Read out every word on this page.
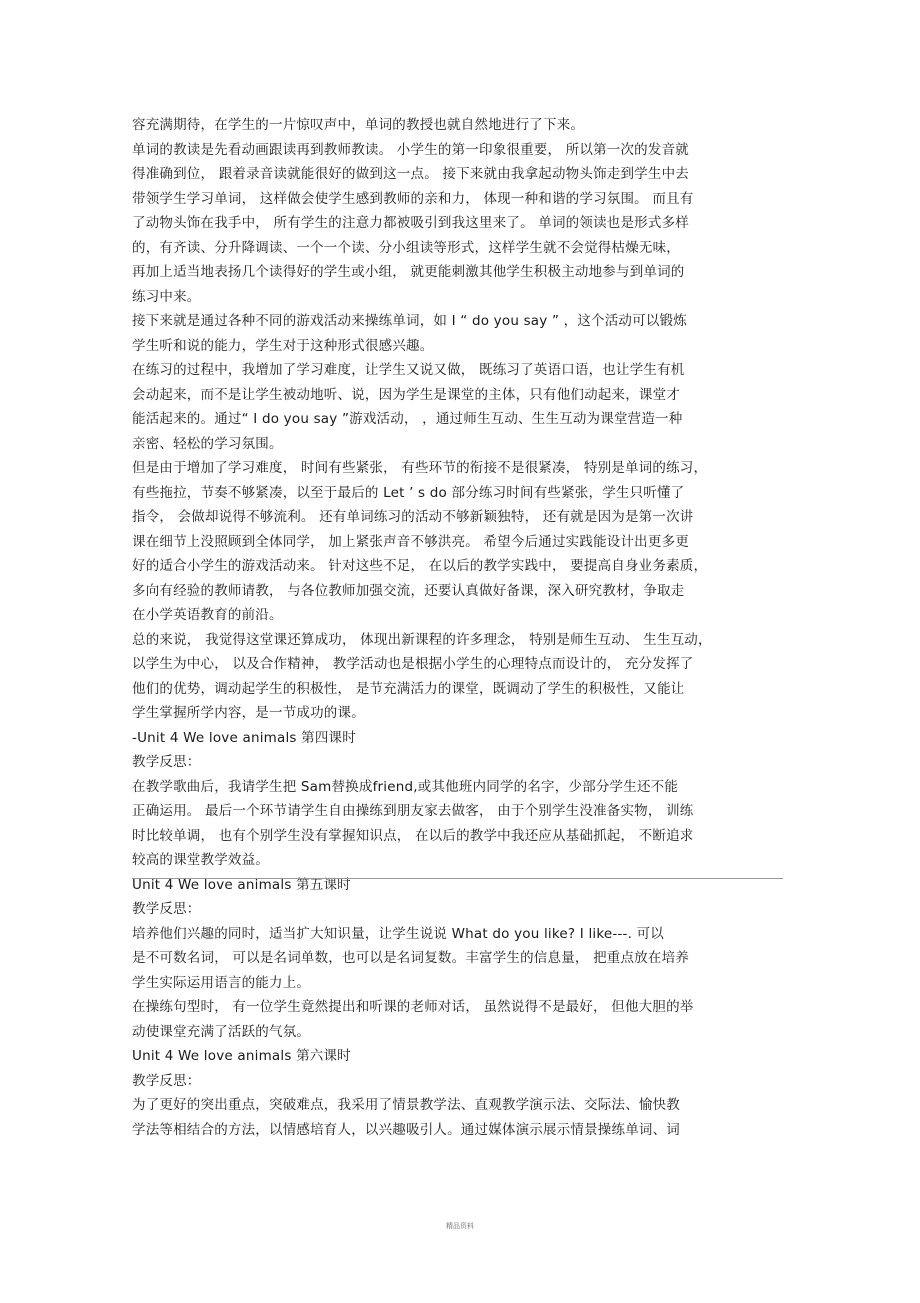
容充满期待，在学生的一片惊叹声中，单词的教授也就自然地进行了下来。
单词的教读是先看动画跟读再到教师教读。 小学生的第一印象很重要， 所以第一次的发音就
得准确到位， 跟着录音读就能很好的做到这一点。 接下来就由我拿起动物头饰走到学生中去
带领学生学习单词， 这样做会使学生感到教师的亲和力， 体现一种和谐的学习氛围。 而且有
了动物头饰在我手中， 所有学生的注意力都被吸引到我这里来了。 单词的领读也是形式多样
的，有齐读、分升降调读、一个一个读、分小组读等形式，这样学生就不会觉得枯燥无味，
再加上适当地表扬几个读得好的学生或小组， 就更能刺激其他学生积极主动地参与到单词的
练习中来。
接下来就是通过各种不同的游戏活动来操练单词，如 I “ do you say ” ，这个活动可以锻炼
学生听和说的能力，学生对于这种形式很感兴趣。
在练习的过程中，我增加了学习难度，让学生又说又做， 既练习了英语口语，也让学生有机
会动起来，而不是让学生被动地听、说，因为学生是课堂的主体，只有他们动起来，课堂才
能活起来的。通过“ I do you say ”游戏活动， ，通过师生互动、生生互动为课堂营造一种
亲密、轻松的学习氛围。
但是由于增加了学习难度， 时间有些紧张， 有些环节的衔接不是很紧凑， 特别是单词的练习，
有些拖拉，节奏不够紧凑，以至于最后的 Let ’ s do 部分练习时间有些紧张，学生只听懂了
指令， 会做却说得不够流利。 还有单词练习的活动不够新颖独特， 还有就是因为是第一次讲
课在细节上没照顾到全体同学， 加上紧张声音不够洪亮。 希望今后通过实践能设计出更多更
好的适合小学生的游戏活动来。 针对这些不足， 在以后的教学实践中， 要提高自身业务素质，
多向有经验的教师请教， 与各位教师加强交流，还要认真做好备课，深入研究教材，争取走
在小学英语教育的前沿。
总的来说， 我觉得这堂课还算成功， 体现出新课程的许多理念， 特别是师生互动、 生生互动，
以学生为中心， 以及合作精神， 教学活动也是根据小学生的心理特点而设计的， 充分发挥了
他们的优势，调动起学生的积极性， 是节充满活力的课堂，既调动了学生的积极性，又能让
学生掌握所学内容，是一节成功的课。
-Unit 4 We love animals 第四课时
教学反思：
在教学歌曲后，我请学生把 Sam替换成friend,或其他班内同学的名字，少部分学生还不能
正确运用。 最后一个环节请学生自由操练到朋友家去做客， 由于个别学生没准备实物， 训练
时比较单调， 也有个别学生没有掌握知识点， 在以后的教学中我还应从基础抓起， 不断追求
较高的课堂教学效益。
Unit 4 We love animals 第五课时
教学反思：
培养他们兴趣的同时，适当扩大知识量，让学生说说 What do you like? I like---. 可以
是不可数名词， 可以是名词单数，也可以是名词复数。丰富学生的信息量， 把重点放在培养
学生实际运用语言的能力上。
在操练句型时， 有一位学生竟然提出和听课的老师对话， 虽然说得不是最好， 但他大胆的举
动使课堂充满了活跃的气氛。
Unit 4 We love animals 第六课时
教学反思：
为了更好的突出重点，突破难点，我采用了情景教学法、直观教学演示法、交际法、愉快教
学法等相结合的方法，以情感培育人，以兴趣吸引人。通过媒体演示展示情景操练单词、词
精品资料
